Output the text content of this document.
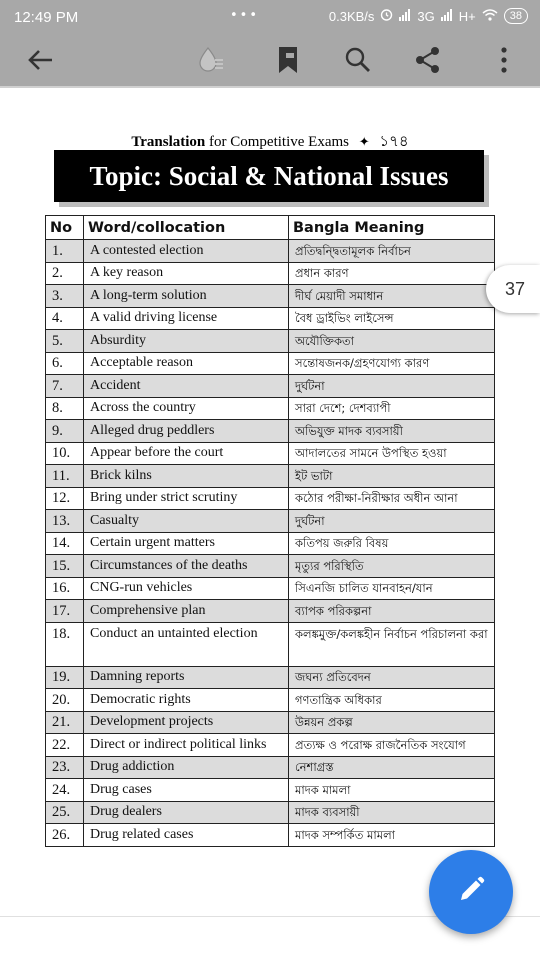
12:49 PM	•••	0.3KB/s	3G H+	38
Translation for Competitive Exams ✦ ১৭৪
Topic: Social & National Issues
No	Word/collocation	Bangla Meaning
1.	A contested election	প্রতিদ্বন্দ্বিতামূলক নির্বাচন
2.	A key reason	প্রধান কারণ
3.	A long-term solution	দীর্ঘ মেয়াদী সমাধান
4.	A valid driving license	বৈধ ড্রাইভিং লাইসেন্স
5.	Absurdity	অযৌক্তিকতা
6.	Acceptable reason	সন্তোষজনক/গ্রহণযোগ্য কারণ
7.	Accident	দুর্ঘটনা
8.	Across the country	সারা দেশে; দেশব্যাপী
9.	Alleged drug peddlers	অভিযুক্ত মাদক ব্যবসায়ী
10.	Appear before the court	আদালতের সামনে উপস্থিত হওয়া
11.	Brick kilns	ইট ভাটা
12.	Bring under strict scrutiny	কঠোর পরীক্ষা-নিরীক্ষার অধীন আনা
13.	Casualty	দুর্ঘটনা
14.	Certain urgent matters	কতিপয় জরুরি বিষয়
15.	Circumstances of the deaths	মৃত্যুর পরিস্থিতি
16.	CNG-run vehicles	সিএনজি চালিত যানবাহন/যান
17.	Comprehensive plan	ব্যাপক পরিকল্পনা
18.	Conduct an untainted election	কলঙ্কমুক্ত/কলঙ্কহীন নির্বাচন পরিচালনা করা
19.	Damning reports	জঘন্য প্রতিবেদন
20.	Democratic rights	গণতান্ত্রিক অধিকার
21.	Development projects	উন্নয়ন প্রকল্প
22.	Direct or indirect political links	প্রত্যক্ষ ও পরোক্ষ রাজনৈতিক সংযোগ
23.	Drug addiction	নেশাগ্রস্ত
24.	Drug cases	মাদক মামলা
25.	Drug dealers	মাদক ব্যবসায়ী
26.	Drug related cases	মাদক সম্পর্কিত মামলা
37
